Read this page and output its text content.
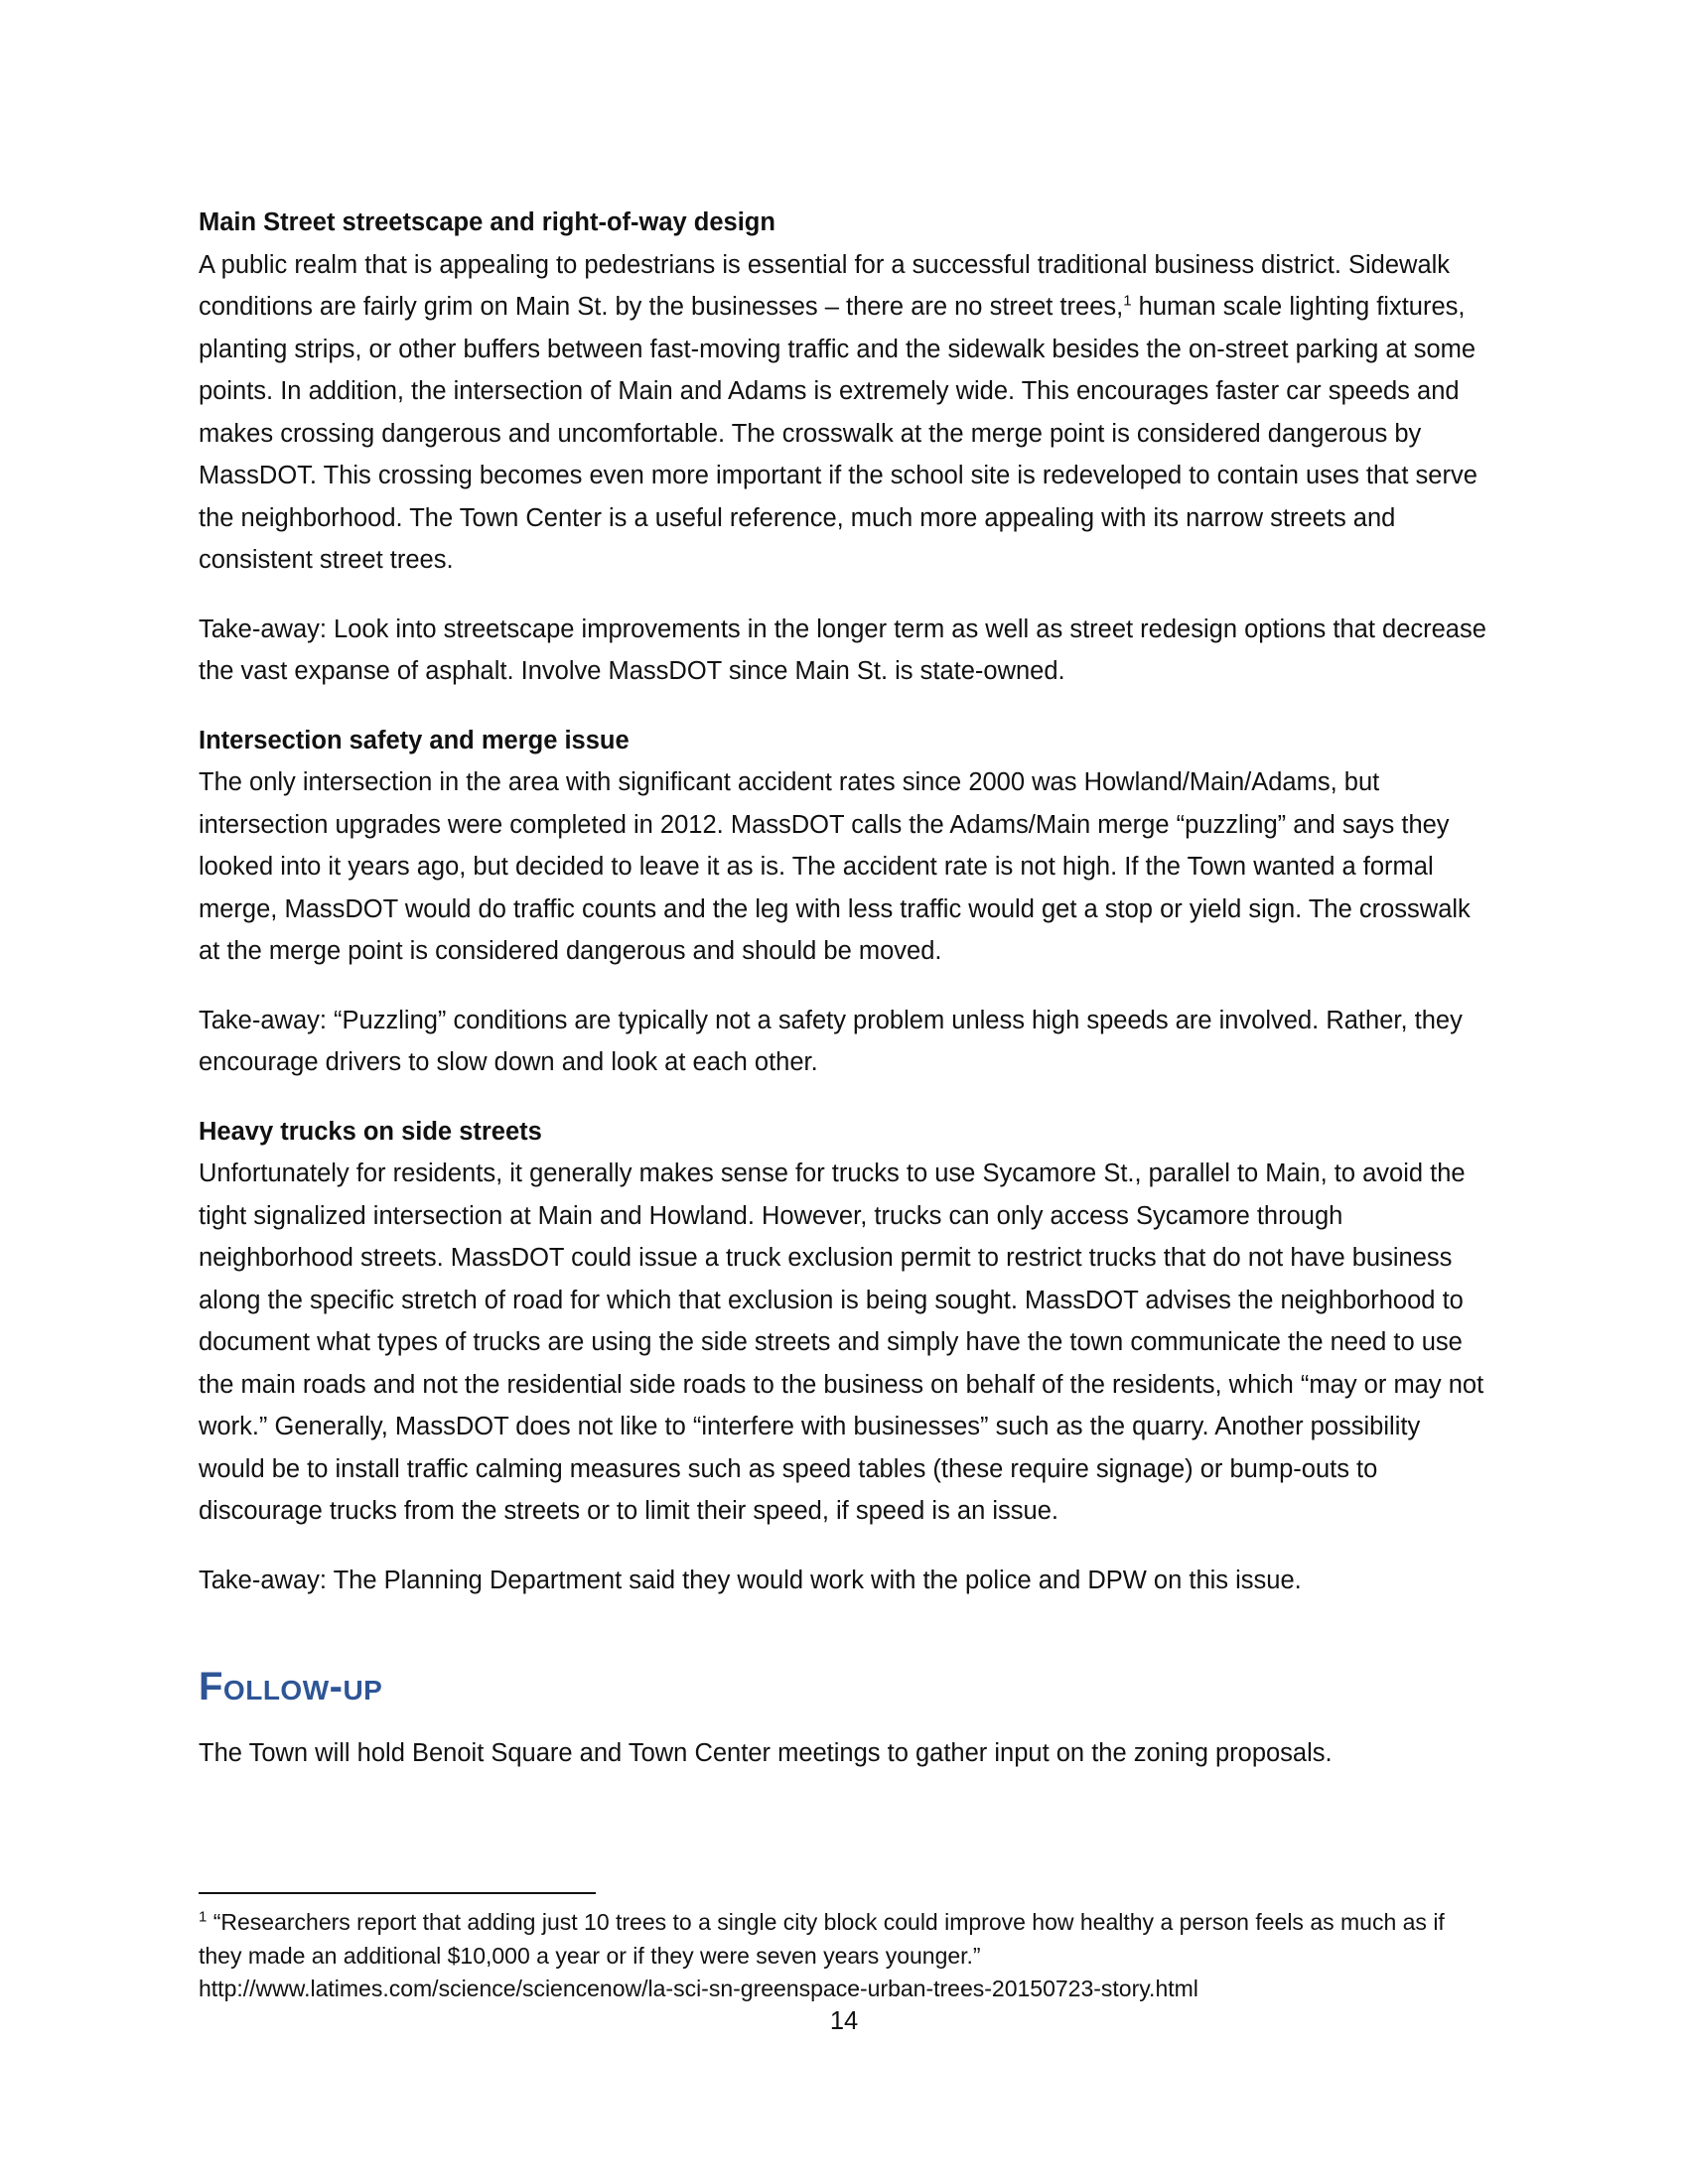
Main Street streetscape and right-of-way design

A public realm that is appealing to pedestrians is essential for a successful traditional business district. Sidewalk conditions are fairly grim on Main St. by the businesses – there are no street trees,$^1$ human scale lighting fixtures, planting strips, or other buffers between fast-moving traffic and the sidewalk besides the on-street parking at some points. In addition, the intersection of Main and Adams is extremely wide. This encourages faster car speeds and makes crossing dangerous and uncomfortable. The crosswalk at the merge point is considered dangerous by MassDOT. This crossing becomes even more important if the school site is redeveloped to contain uses that serve the neighborhood. The Town Center is a useful reference, much more appealing with its narrow streets and consistent street trees.

Take-away: Look into streetscape improvements in the longer term as well as street redesign options that decrease the vast expanse of asphalt. Involve MassDOT since Main St. is state-owned.

Intersection safety and merge issue

The only intersection in the area with significant accident rates since 2000 was Howland/Main/Adams, but intersection upgrades were completed in 2012. MassDOT calls the Adams/Main merge “puzzling” and says they looked into it years ago, but decided to leave it as is. The accident rate is not high. If the Town wanted a formal merge, MassDOT would do traffic counts and the leg with less traffic would get a stop or yield sign. The crosswalk at the merge point is considered dangerous and should be moved.

Take-away: “Puzzling” conditions are typically not a safety problem unless high speeds are involved. Rather, they encourage drivers to slow down and look at each other.

Heavy trucks on side streets

Unfortunately for residents, it generally makes sense for trucks to use Sycamore St., parallel to Main, to avoid the tight signalized intersection at Main and Howland. However, trucks can only access Sycamore through neighborhood streets. MassDOT could issue a truck exclusion permit to restrict trucks that do not have business along the specific stretch of road for which that exclusion is being sought. MassDOT advises the neighborhood to document what types of trucks are using the side streets and simply have the town communicate the need to use the main roads and not the residential side roads to the business on behalf of the residents, which “may or may not work.” Generally, MassDOT does not like to “interfere with businesses” such as the quarry. Another possibility would be to install traffic calming measures such as speed tables (these require signage) or bump-outs to discourage trucks from the streets or to limit their speed, if speed is an issue.

Take-away: The Planning Department said they would work with the police and DPW on this issue.

Follow-up

The Town will hold Benoit Square and Town Center meetings to gather input on the zoning proposals.

$^1$ “Researchers report that adding just 10 trees to a single city block could improve how healthy a person feels as much as if they made an additional $10,000 a year or if they were seven years younger.”
http://www.latimes.com/science/sciencenow/la-sci-sn-greenspace-urban-trees-20150723-story.html
14
